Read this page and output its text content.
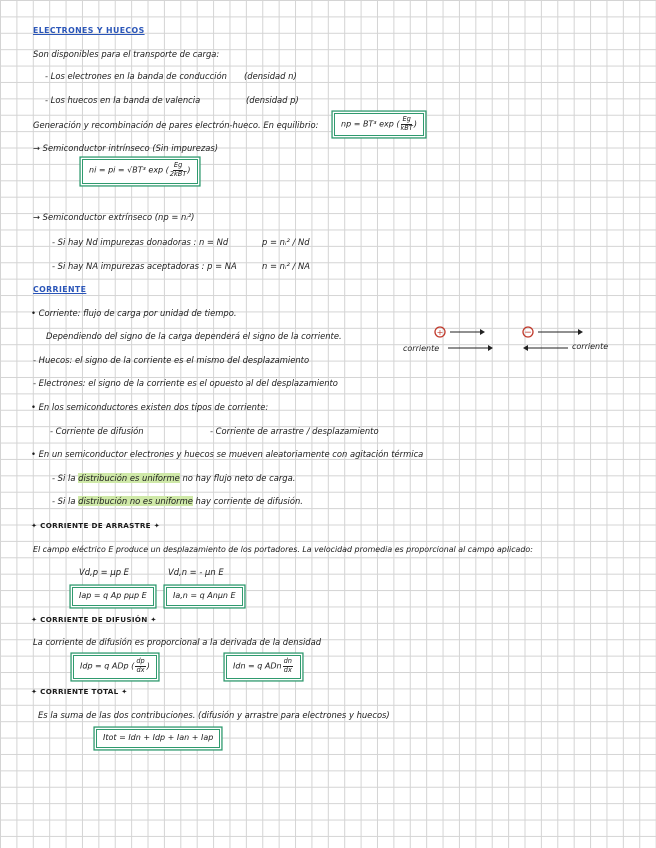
ELECTRONES Y HUECOS
Son disponibles para el transporte de carga:
- Los electrones en la banda de conducción (densidad n)
- Los huecos en la banda de valencia	(densidad p)
Generación y recombinación de pares electrón-hueco. En equilibrio:	np = BT³ exp ( $\frac{Eg}{\text{kBT}}$ )
→ Semiconductor intrínseco (Sin impurezas)
ni = pi = √BT³ exp ( $\frac{Eg}{\text{2kBT}}$ )
→ Semiconductor extrínseco (np = nᵢ²)
- Si hay Nd impurezas donadoras : n = Nd	p = nᵢ² / Nd
- Si hay NA impurezas aceptadoras : p = NA	n = nᵢ² / NA
CORRIENTE
• Corriente: flujo de carga por unidad de tiempo.
Dependiendo del signo de la carga dependerá el signo de la corriente.
- Huecos: el signo de la corriente es el mismo del desplazamiento
- Electrones: el signo de la corriente es el opuesto al del desplazamiento
• En los semiconductores existen dos tipos de corriente:
- Corriente de difusión	- Corriente de arrastre / desplazamiento
• En un semiconductor electrones y huecos se mueven aleatoriamente con agitación térmica
- Si la distribución es uniforme no hay flujo neto de carga.
- Si la distribución no es uniforme hay corriente de difusión.
+	−
corriente	corriente
✦ CORRIENTE DE ARRASTRE ✦
El campo eléctrico E produce un desplazamiento de los portadores. La velocidad promedia es proporcional al campo aplicado:
Vd,p = μp E	Vd,n = - μn E
Iap = q Ap pμp E	Ia,n = q Anμn E
✦ CORRIENTE DE DIFUSIÓN ✦
La corriente de difusión es proporcional a la derivada de la densidad
Idp = q ADp ( $\frac{dp}{dx}$ )	Idn = q ADn $\frac{dn}{dx}$
✦ CORRIENTE TOTAL ✦
Es la suma de las dos contribuciones. (difusión y arrastre para electrones y huecos)
Itot = Idn + Idp + Ian + Iap
